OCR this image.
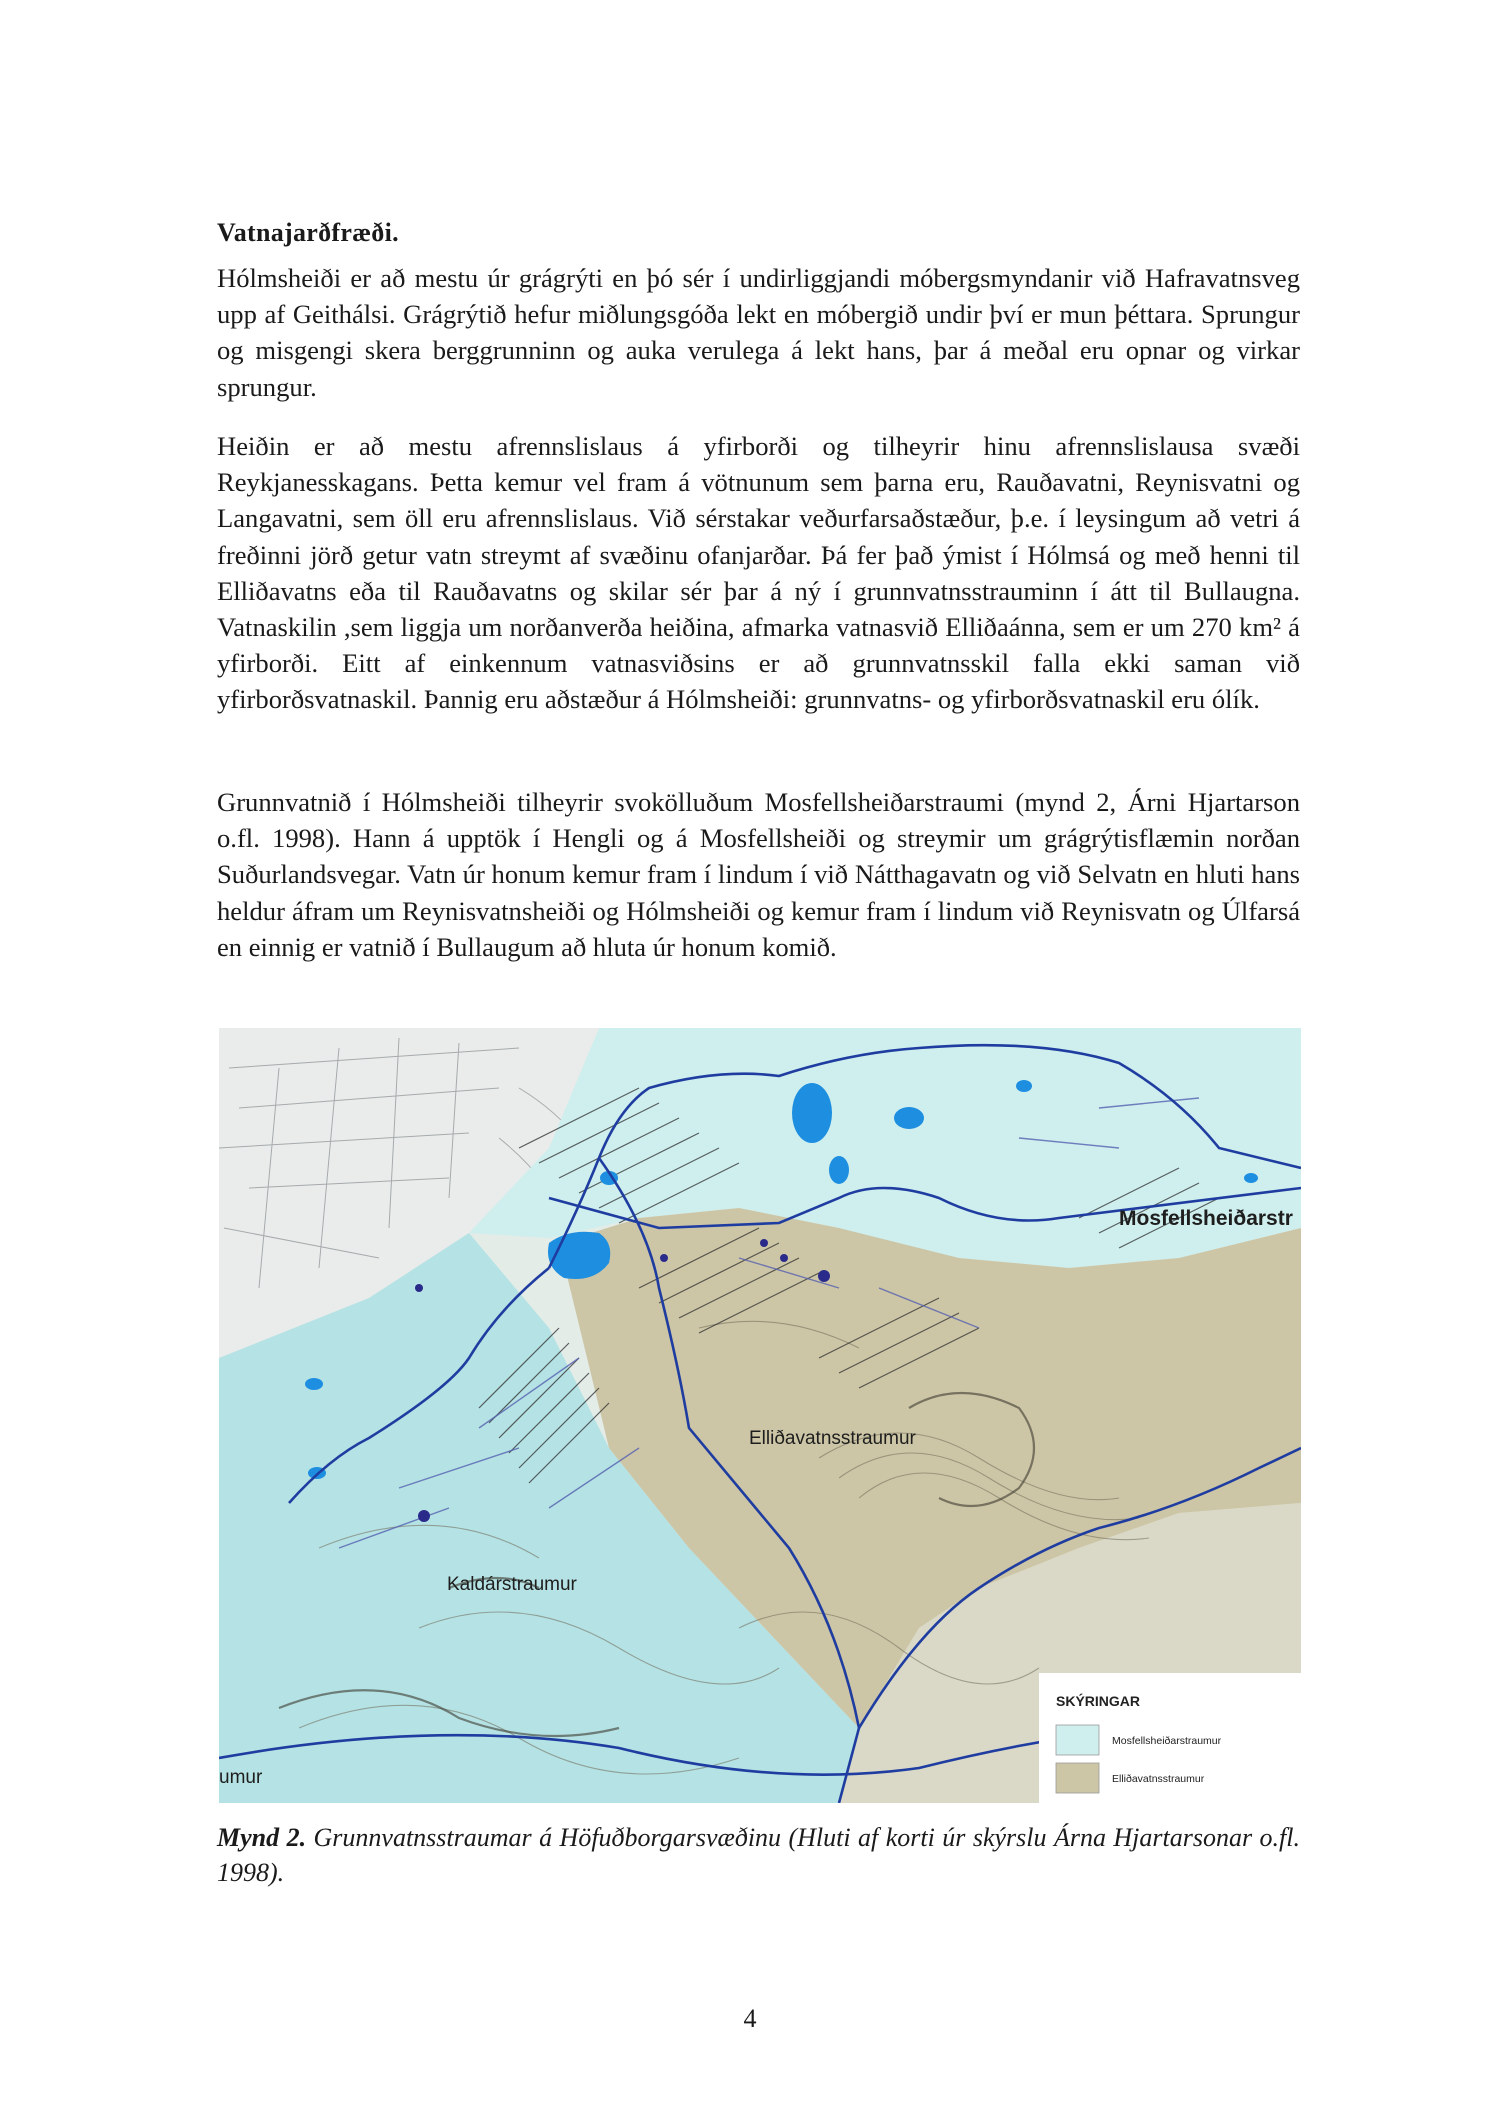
Vatnajarðfræði.

Hólmsheiði er að mestu úr grágrýti en þó sér í undirliggjandi móbergsmyndanir við Hafravatnsveg upp af Geithálsi. Grágrýtið hefur miðlungsgóða lekt en móbergið undir því er mun þéttara. Sprungur og misgengi skera berggrunninn og auka verulega á lekt hans, þar á meðal eru opnar og virkar sprungur.

Heiðin er að mestu afrennslislaus á yfirborði og tilheyrir hinu afrennslislausa svæði Reykjanesskagans. Þetta kemur vel fram á vötnunum sem þarna eru, Rauðavatni, Reynisvatni og Langavatni, sem öll eru afrennslislaus. Við sérstakar veðurfarsaðstæður, þ.e. í leysingum að vetri á freðinni jörð getur vatn streymt af svæðinu ofanjarðar. Þá fer það ýmist í Hólmsá og með henni til Elliðavatns eða til Rauðavatns og skilar sér þar á ný í grunnvatnsstrauminn í átt til Bullaugna. Vatnaskilin ,sem liggja um norðanverða heiðina, afmarka vatnasvið Elliðaánna, sem er um 270 km² á yfirborði. Eitt af einkennum vatnasviðsins er að grunnvatnsskil falla ekki saman við yfirborðsvatnaskil. Þannig eru aðstæður á Hólmsheiði: grunnvatns- og yfirborðsvatnaskil eru ólík.

Grunnvatnið í Hólmsheiði tilheyrir svokölluðum Mosfellsheiðarstraumi (mynd 2, Árni Hjartarson o.fl. 1998). Hann á upptök í Hengli og á Mosfellsheiði og streymir um grágrýtisflæmin norðan Suðurlandsvegar. Vatn úr honum kemur fram í lindum í við Nátthagavatn og við Selvatn en hluti hans heldur áfram um Reynisvatnsheiði og Hólmsheiði og kemur fram í lindum við Reynisvatn og Úlfarsá en einnig er vatnið í Bullaugum að hluta úr honum komið.

Mosfellsheiðarstr
Elliðavatnsstraumur
Kaldárstraumur
umur
SKÝRINGAR
Mosfellsheiðarstraumur
Elliðavatnsstraumur

Mynd 2. Grunnvatnsstraumar á Höfuðborgarsvæðinu (Hluti af korti úr skýrslu Árna Hjartarsonar o.fl. 1998).

4
